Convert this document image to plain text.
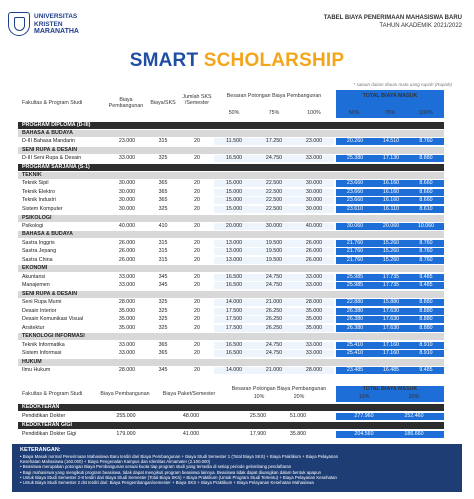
UNIVERSITAS
KRISTEN
MARANATHA
TABEL BIAYA PENERIMAAN MAHASISWA BARU
TAHUN AKADEMIK 2021/2022
SMART SCHOLARSHIP
* satuan dalam ribuan mata uang rupiah (Rupiah)
Fakultas & Program Studi	Biaya Pembangunan	Biaya/SKS
Jumlah SKS /Semester
Besaran Potongan Biaya Pembangunan	TOTAL BIAYA MASUK
50%	75%	100%	50%	75%	100%
PROGRAM DIPLOMA (D-III)
BAHASA & BUDAYA
D-III Bahasa Mandarin	23.000	315	20	11.500	17.250	23.000	20.260	14.510	8.760
SENI RUPA & DESAIN
D-III Seni Rupa & Desain	33.000	325	20	16.500	24.750	33.000	25.380	17.130	8.880
PROGRAM SARJANA (S-1)
TEKNIK
Teknik Sipil	30.000	365	20	15.000	22.500	30.000	23.660	16.160	8.660
Teknik Elektro	30.000	365	20	15.000	22.500	30.000	23.660	16.160	8.660
Teknik Industri	30.000	365	20	15.000	22.500	30.000	23.660	16.160	8.660
Sistem Komputer	30.000	325	20	15.000	22.500	30.000	23.610	16.110	8.610
PSIKOLOGI
Psikologi	40.000	410	20	20.000	30.000	40.000	30.060	20.060	10.060
BAHASA & BUDAYA
Sastra Inggris	26.000	315	20	13.000	19.500	26.000	21.760	15.260	8.760
Sastra Jepang	26.000	315	20	13.000	19.500	26.000	21.760	15.260	8.760
Sastra China	26.000	315	20	13.000	19.500	26.000	21.760	15.260	8.760
EKONOMI
Akuntansi	33.000	345	20	16.500	24.750	33.000	25.985	17.735	9.485
Manajemen	33.000	345	20	16.500	24.750	33.000	25.985	17.735	9.485
SENI RUPA & DESAIN
Seni Rupa Murni	28.000	325	20	14.000	21.000	28.000	22.880	15.880	8.880
Desain Interior	35.000	325	20	17.500	26.250	35.000	26.380	17.630	8.880
Desain Komunikasi Visual	35.000	325	20	17.500	26.250	35.000	26.380	17.630	8.880
Arsitektur	35.000	325	20	17.500	26.250	35.000	26.380	17.630	8.880
TEKNOLOGI INFORMASI
Teknik Informatika	33.000	365	20	16.500	24.750	33.000	25.410	17.160	8.910
Sistem Informasi	33.000	365	20	16.500	24.750	33.000	25.410	17.160	8.910
HUKUM
Ilmu Hukum	28.000	345	20	14.000	21.000	28.000	23.485	16.485	9.485
Fakultas & Program Studi	Biaya Pembangunan	Biaya Paket/Semester
Besaran Potongan Biaya Pembangunan
10%	20%
TOTAL BIAYA MASUK
10%	20%
KEDOKTERAN
Pendidikan Dokter	255.000	48.000	25.500	51.000	277.960	252.460
KEDOKTERAN GIGI
Pendidikan Dokter Gigi	179.000	41.000	17.900	35.800	204.560	186.660
KETERANGAN:
• Biaya Masuk normal Penerimaan Mahasiswa Baru terdiri dari Biaya Pembangunan + Biaya Studi Semester 1 (Total Biaya SKS) + Biaya Praktikum + Biaya Pelayanan
Kesehatan Mahasiswa (160.000) + Biaya Pengenalan Kampus dan Identitas Almamater (2.100.000)
• Beasiswa merupakan potongan Biaya Pembangunan sesuai kuota tiap program studi yang tersedia di setiap periode gelombang pendaftaran
• Bagi mahasiswa yang mengikuti program beasiswa, tidak dapat mengikuti program beasiswa lainnya. Beasiswa tidak dapat diuangkan dalam bentuk apapun
• Untuk Biaya Studi Semester 2-8 terdiri dari Biaya Studi Semester (Total Biaya SKS) + Biaya Praktikum (Untuk Program Studi Tertentu) + Biaya Pelayanan Kesehatan
• Untuk Biaya Studi Semester 2 dst terdiri dari: Biaya Pengembangan/semester + Biaya SKS + Biaya Praktikum + Biaya Pelayanan Kesehatan Mahasiswa
